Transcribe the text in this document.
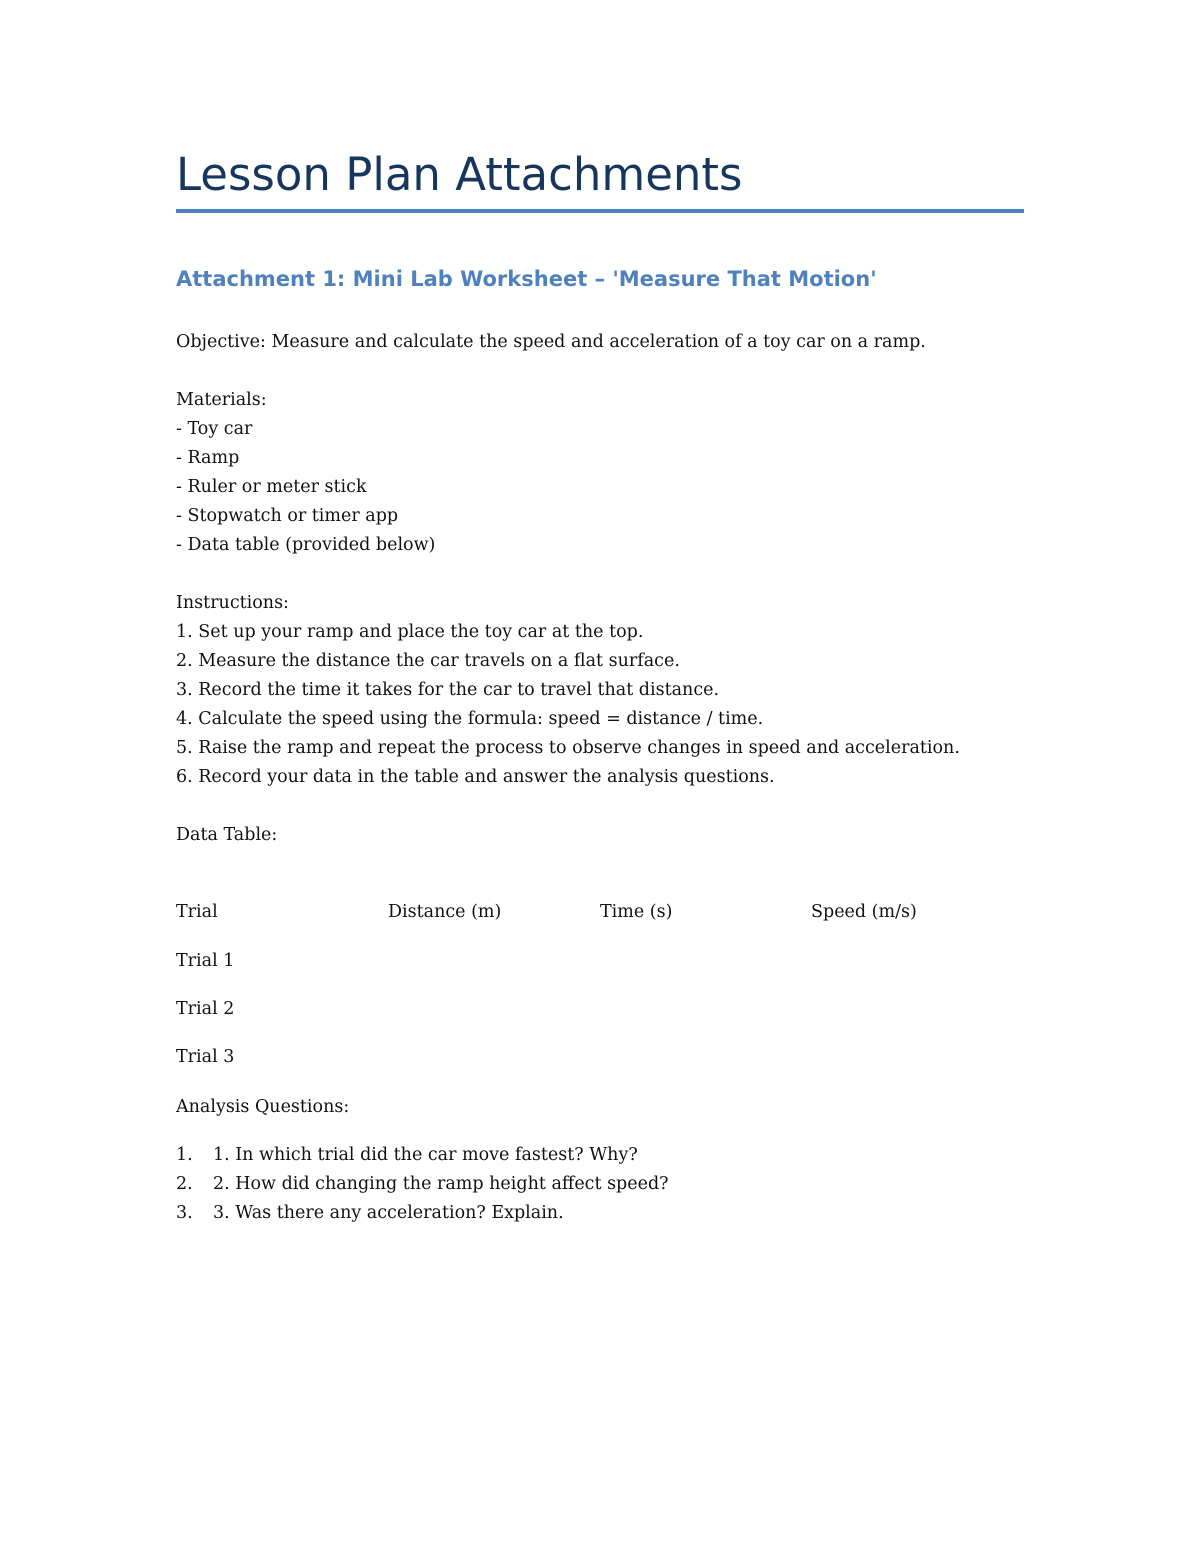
Lesson Plan Attachments
Attachment 1: Mini Lab Worksheet – 'Measure That Motion'

Objective: Measure and calculate the speed and acceleration of a toy car on a ramp.

Materials:

- Toy car

- Ramp

- Ruler or meter stick

- Stopwatch or timer app

- Data table (provided below)

Instructions:

1. Set up your ramp and place the toy car at the top.

2. Measure the distance the car travels on a flat surface.

3. Record the time it takes for the car to travel that distance.

4. Calculate the speed using the formula: speed = distance / time.

5. Raise the ramp and repeat the process to observe changes in speed and acceleration.

6. Record your data in the table and answer the analysis questions.

Data Table:

Trial	Distance (m)	Time (s)	Speed (m/s)

Trial 1

Trial 2

Trial 3

Analysis Questions:

1. 1. In which trial did the car move fastest? Why?
2. 2. How did changing the ramp height affect speed?
3. 3. Was there any acceleration? Explain.
